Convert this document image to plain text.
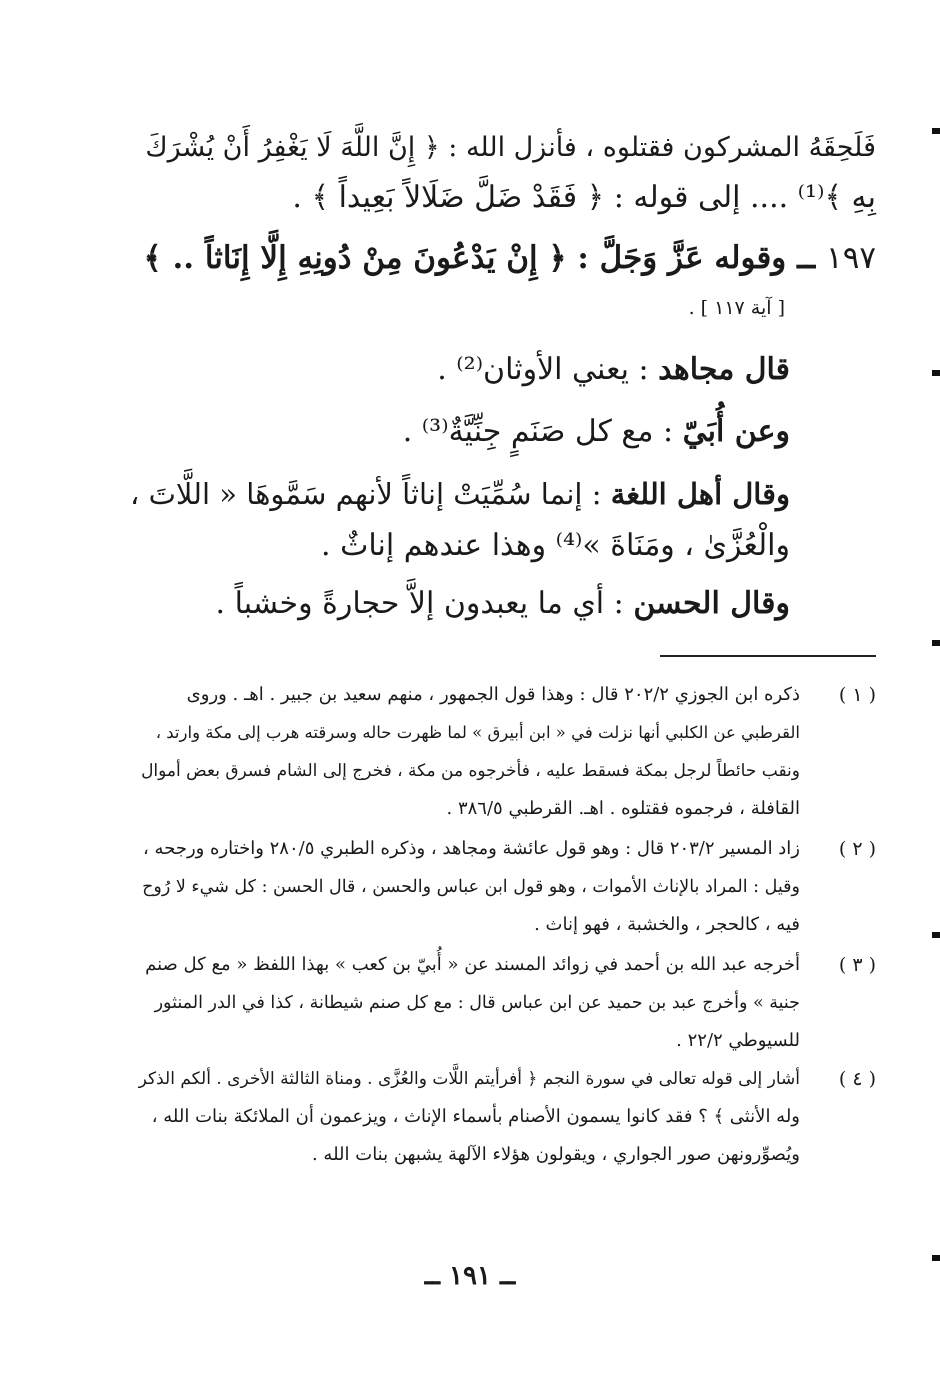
فَلَحِقَهُ المشركون فقتلوه ، فأنزل الله : ﴿ إِنَّ اللَّهَ لَا يَغْفِرُ أَنْ يُشْرَكَ
بِهِ ﴾⁽¹⁾ .... إلى قوله : ﴿ فَقَدْ ضَلَّ ضَلَالاً بَعِيداً ﴾ .
١٩٧ ــ وقوله عَزَّ وَجَلَّ : ﴿ إِنْ يَدْعُونَ مِنْ دُونِهِ إِلَّا إِنَاثاً .. ﴾
[ آية ١١٧ ] .
قال مجاهد : يعني الأوثان⁽²⁾ .
وعن أُبَيّ : مع كل صَنَمٍ جِنِّيَّةٌ⁽³⁾ .
وقال أهل اللغة : إنما سُمِّيَتْ إناثاً لأنهم سَمَّوهَا « اللَّاتَ ،
والْعُزَّىٰ ، ومَنَاةَ »⁽⁴⁾ وهذا عندهم إناثٌ .
وقال الحسن : أي ما يعبدون إلاَّ حجارةً وخشباً .
( ١ )
ذكره ابن الجوزي ٢٠٢/٢ قال : وهذا قول الجمهور ، منهم سعيد بن جبير . اهـ . وروى
القرطبي عن الكلبي أنها نزلت في « ابن أبيرق » لما ظهرت حاله وسرقته هرب إلى مكة وارتد ،
ونقب حائطاً لرجل بمكة فسقط عليه ، فأخرجوه من مكة ، فخرج إلى الشام فسرق بعض أموال
القافلة ، فرجموه فقتلوه . اهـ. القرطبي ٣٨٦/٥ .
( ٢ )
زاد المسير ٢٠٣/٢ قال : وهو قول عائشة ومجاهد ، وذكره الطبري ٢٨٠/٥ واختاره ورجحه ،
وقيل : المراد بالإناث الأموات ، وهو قول ابن عباس والحسن ، قال الحسن : كل شيء لا رُوح
فيه ، كالحجر ، والخشبة ، فهو إناث .
( ٣ )
أخرجه عبد الله بن أحمد في زوائد المسند عن « أُبيّ بن كعب » بهذا اللفظ « مع كل صنم
جنية » وأخرج عبد بن حميد عن ابن عباس قال : مع كل صنم شيطانة ، كذا في الدر المنثور
للسيوطي ٢٢/٢ .
( ٤ )
أشار إلى قوله تعالى في سورة النجم ﴿ أفرأيتم اللَّات والعُزَّى . ومناة الثالثة الأخرى . ألكم الذكر
وله الأنثى ﴾ ؟ فقد كانوا يسمون الأصنام بأسماء الإناث ، ويزعمون أن الملائكة بنات الله ،
ويُصوِّرونهن صور الجواري ، ويقولون هؤلاء الآلهة يشبهن بنات الله .
ــ ١٩١ ــ
